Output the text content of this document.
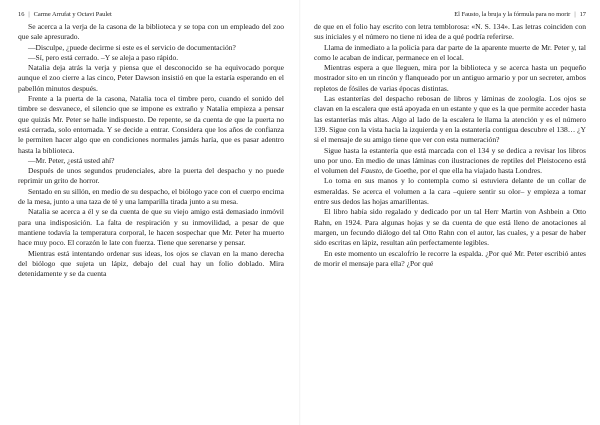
16 | Carme Arrufat y Octavi Paulet

Se acerca a la verja de la casona de la biblioteca y se topa con un empleado del zoo que sale apresurado.

—Disculpe, ¿puede decirme si este es el servicio de documentación?

—Sí, pero está cerrado. –Y se aleja a paso rápido.

Natalia deja atrás la verja y piensa que el desconocido se ha equivocado porque aunque el zoo cierre a las cinco, Peter Dawson insistió en que la estaría esperando en el pabellón minutos después.

Frente a la puerta de la casona, Natalia toca el timbre pero, cuando el sonido del timbre se desvanece, el silencio que se impone es extraño y Natalia empieza a pensar que quizás Mr. Peter se halle indispuesto. De repente, se da cuenta de que la puerta no está cerrada, solo entornada. Y se decide a entrar. Considera que los años de confianza le permiten hacer algo que en condiciones normales jamás haría, que es pasar adentro hasta la biblioteca.

—Mr. Peter, ¿está usted ahí?

Después de unos segundos prudenciales, abre la puerta del despacho y no puede reprimir un grito de horror.

Sentado en su sillón, en medio de su despacho, el biólogo yace con el cuerpo encima de la mesa, junto a una taza de té y una lamparilla tirada junto a su mesa.

Natalia se acerca a él y se da cuenta de que su viejo amigo está demasiado inmóvil para una indisposición. La falta de respiración y su inmovilidad, a pesar de que mantiene todavía la temperatura corporal, le hacen sospechar que Mr. Peter ha muerto hace muy poco. El corazón le late con fuerza. Tiene que serenarse y pensar.

Mientras está intentando ordenar sus ideas, los ojos se clavan en la mano derecha del biólogo que sujeta un lápiz, debajo del cual hay un folio doblado. Mira detenidamente y se da cuenta

El Fausto, la bruja y la fórmula para no morir | 17

de que en el folio hay escrito con letra temblorosa: «N. S. 134». Las letras coinciden con sus iniciales y el número no tiene ni idea de a qué podría referirse.

Llama de inmediato a la policía para dar parte de la aparente muerte de Mr. Peter y, tal como le acaban de indicar, permanece en el local.

Mientras espera a que lleguen, mira por la biblioteca y se acerca hasta un pequeño mostrador sito en un rincón y flanqueado por un antiguo armario y por un secreter, ambos repletos de fósiles de varias épocas distintas.

Las estanterías del despacho rebosan de libros y láminas de zoología. Los ojos se clavan en la escalera que está apoyada en un estante y que es la que permite acceder hasta las estanterías más altas. Algo al lado de la escalera le llama la atención y es el número 139. Sigue con la vista hacia la izquierda y en la estantería contigua descubre el 138… ¿Y si el mensaje de su amigo tiene que ver con esta numeración?

Sigue hasta la estantería que está marcada con el 134 y se dedica a revisar los libros uno por uno. En medio de unas láminas con ilustraciones de reptiles del Pleistoceno está el volumen del Fausto, de Goethe, por el que ella ha viajado hasta Londres.

Lo toma en sus manos y lo contempla como si estuviera delante de un collar de esmeraldas. Se acerca el volumen a la cara –quiere sentir su olor– y empieza a tomar entre sus dedos las hojas amarillentas.

El libro había sido regalado y dedicado por un tal Herr Martin von Ashbein a Otto Rahn, en 1924. Para algunas hojas y se da cuenta de que está lleno de anotaciones al margen, un fecundo diálogo del tal Otto Rahn con el autor, las cuales, y a pesar de haber sido escritas en lápiz, resultan aún perfectamente legibles.

En este momento un escalofrío le recorre la espalda. ¿Por qué Mr. Peter escribió antes de morir el mensaje para ella? ¿Por qué
